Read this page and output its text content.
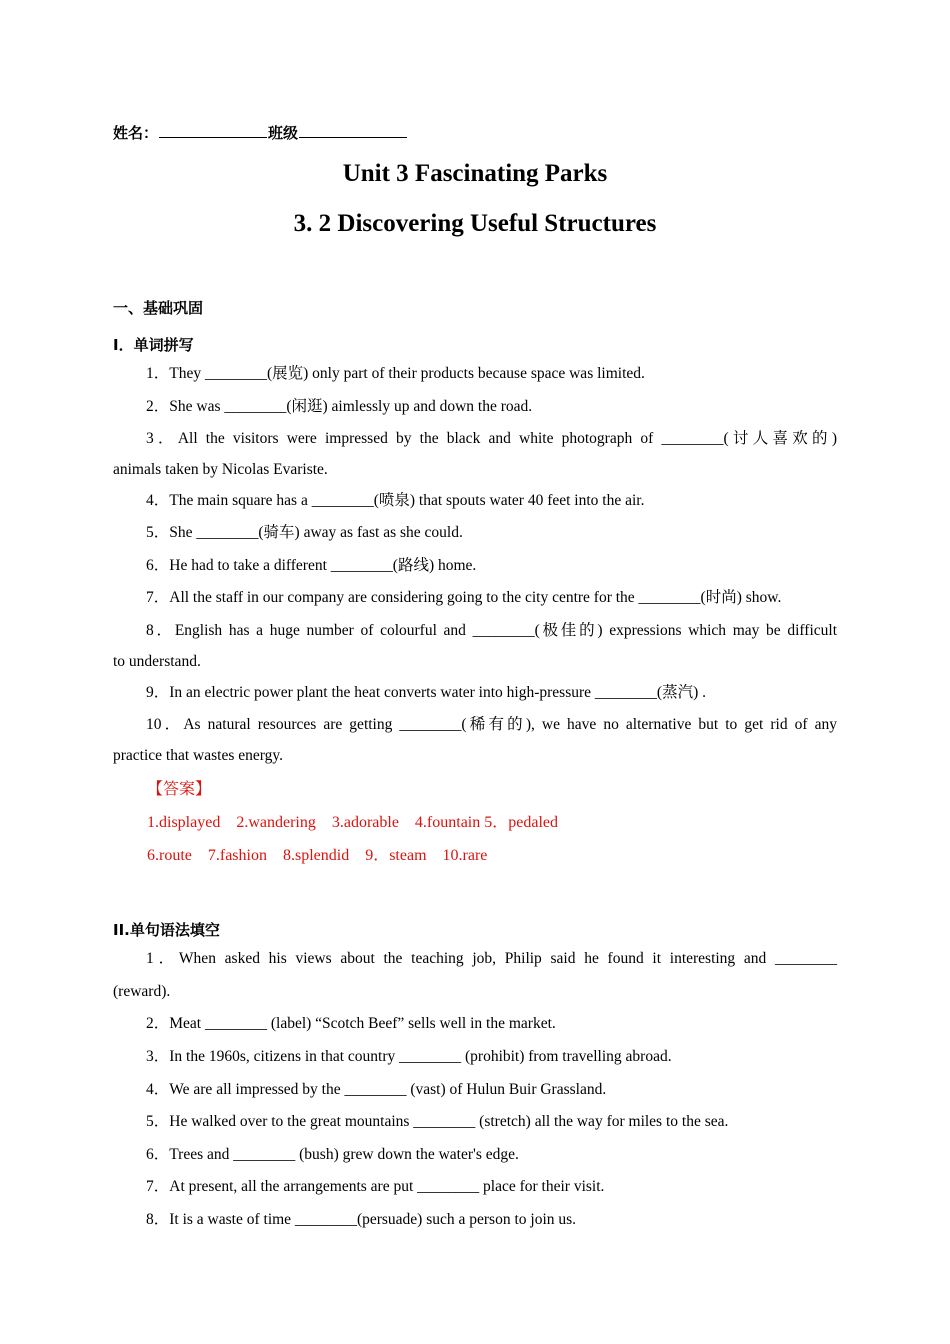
姓名：	班级
Unit 3 Fascinating Parks
3. 2 Discovering Useful Structures
一、基础巩固
I．单词拼写
1．They ________(展览) only part of their products because space was limited.
2．She was ________(闲逛) aimlessly up and down the road.
3．All the visitors were impressed by the black and white photograph of ________(讨人喜欢的)
animals taken by Nicolas Evariste.
4．The main square has a ________(喷泉) that spouts water 40 feet into the air.
5．She ________(骑车) away as fast as she could.
6．He had to take a different ________(路线) home.
7．All the staff in our company are considering going to the city centre for the ________(时尚) show.
8．English has a huge number of colourful and ________(极佳的) expressions which may be difficult
to understand.
9．In an electric power plant the heat converts water into high-pressure ________(蒸汽) .
10．As natural resources are getting ________(稀有的), we have no alternative but to get rid of any
practice that wastes energy.
【答案】
1.displayed    2.wandering    3.adorable    4.fountain 5．pedaled
6.route    7.fashion    8.splendid    9．steam    10.rare
II.单句语法填空
1．When asked his views about the teaching job, Philip said he found it interesting and ________
(reward).
2．Meat ________ (label) “Scotch Beef” sells well in the market.
3．In the 1960s, citizens in that country ________ (prohibit) from travelling abroad.
4．We are all impressed by the ________ (vast) of Hulun Buir Grassland.
5．He walked over to the great mountains ________ (stretch) all the way for miles to the sea.
6．Trees and ________ (bush) grew down the water's edge.
7．At present, all the arrangements are put ________ place for their visit.
8．It is a waste of time ________(persuade) such a person to join us.
